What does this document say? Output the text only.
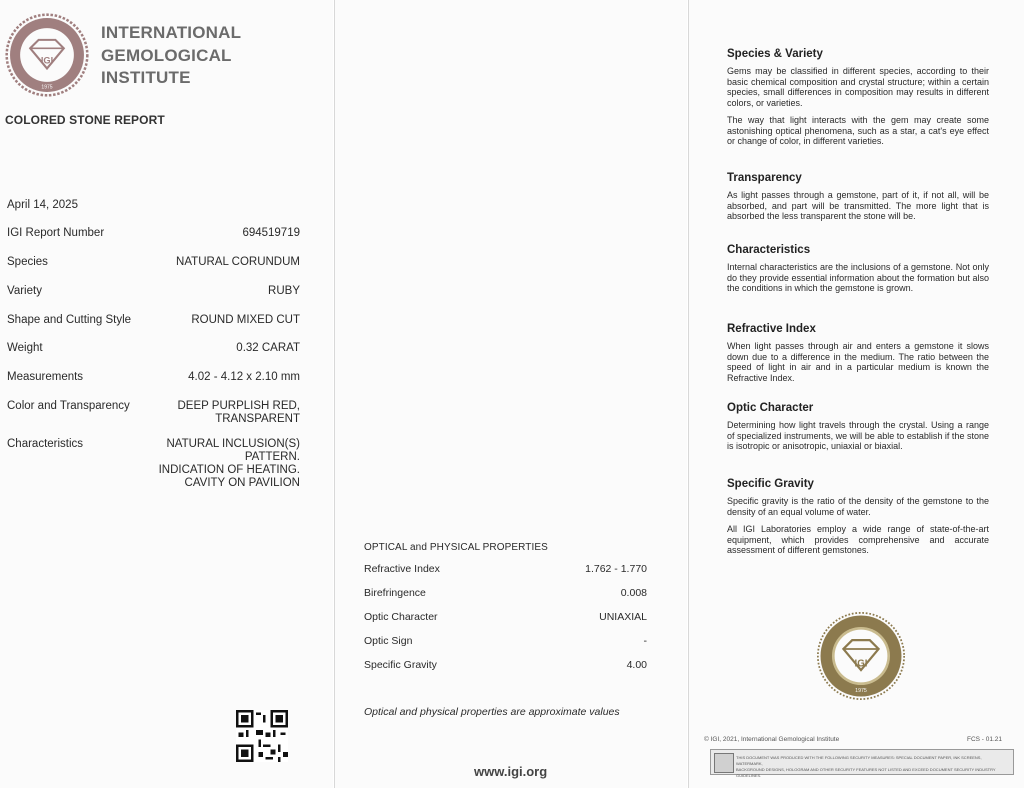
IGI
1975
INTERNATIONAL
GEMOLOGICAL
INSTITUTE
COLORED STONE REPORT
April 14, 2025
IGI Report Number	694519719
Species	NATURAL CORUNDUM
Variety	RUBY
Shape and Cutting Style	ROUND MIXED CUT
Weight	0.32 CARAT
Measurements	4.02 - 4.12 x 2.10 mm
Color and Transparency	DEEP PURPLISH RED,
TRANSPARENT
Characteristics	NATURAL INCLUSION(S)
PATTERN.
INDICATION OF HEATING.
CAVITY ON PAVILION
OPTICAL and PHYSICAL PROPERTIES
Refractive Index	1.762 - 1.770
Birefringence	0.008
Optic Character	UNIAXIAL
Optic Sign	-
Specific Gravity	4.00
Optical and physical properties are approximate values
www.igi.org
Species & Variety

Gems may be classified in different species, according to their basic chemical composition and crystal structure; within a certain species, small differences in composition may results in different colors, or varieties.

The way that light interacts with the gem may create some astonishing optical phenomena, such as a star, a cat's eye effect or change of color, in different varieties.

Transparency

As light passes through a gemstone, part of it, if not all, will be absorbed, and part will be transmitted. The more light that is absorbed the less transparent the stone will be.

Characteristics

Internal characteristics are the inclusions of a gemstone. Not only do they provide essential information about the formation but also the conditions in which the gemstone is grown.

Refractive Index

When light passes through air and enters a gemstone it slows down due to a difference in the medium. The ratio between the speed of light in air and in a particular medium is known the Refractive Index.

Optic Character

Determining how light travels through the crystal. Using a range of specialized instruments, we will be able to establish if the stone is isotropic or anisotropic, uniaxial or biaxial.

Specific Gravity

Specific gravity is the ratio of the density of the gemstone to the density of an equal volume of water.

All IGI Laboratories employ a wide range of state-of-the-art equipment, which provides comprehensive and accurate assessment of different gemstones.

IGI
1975
© IGI, 2021, International Gemological Institute	FCS - 01.21
THIS DOCUMENT WAS PRODUCED WITH THE FOLLOWING SECURITY MEASURES: SPECIAL DOCUMENT PAPER, INK SCREENS, WATERMARK,
BACKGROUND DESIGNS, HOLOGRAM AND OTHER SECURITY FEATURES NOT LISTED AND EXCEED DOCUMENT SECURITY INDUSTRY GUIDELINES.
